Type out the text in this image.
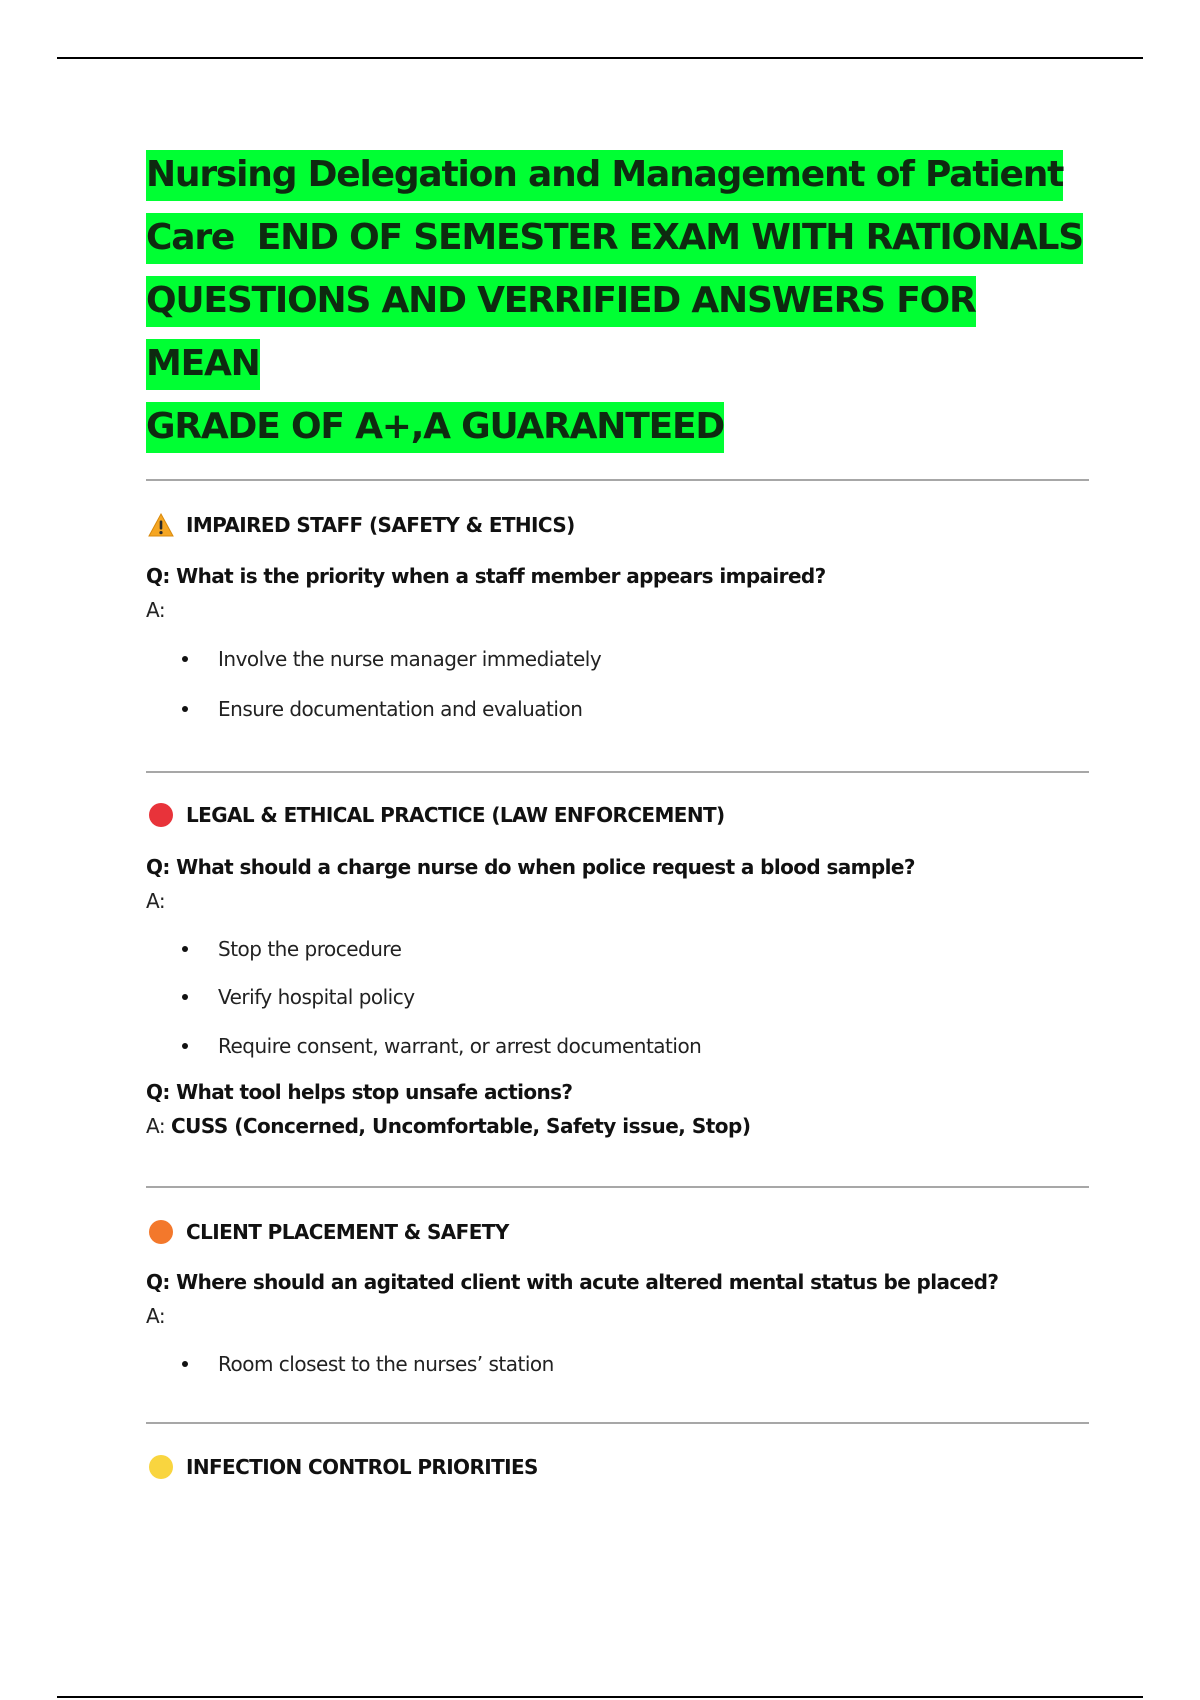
Nursing Delegation and Management of Patient
Care  END OF SEMESTER EXAM WITH RATIONALS
QUESTIONS AND VERRIFIED ANSWERS FOR MEAN
GRADE OF A+,A GUARANTEED
IMPAIRED STAFF (SAFETY & ETHICS)
Q: What is the priority when a staff member appears impaired?
A:
Involve the nurse manager immediately
Ensure documentation and evaluation
LEGAL & ETHICAL PRACTICE (LAW ENFORCEMENT)
Q: What should a charge nurse do when police request a blood sample?
A:
Stop the procedure
Verify hospital policy
Require consent, warrant, or arrest documentation
Q: What tool helps stop unsafe actions?
A: CUSS (Concerned, Uncomfortable, Safety issue, Stop)
CLIENT PLACEMENT & SAFETY
Q: Where should an agitated client with acute altered mental status be placed?
A:
Room closest to the nurses’ station
INFECTION CONTROL PRIORITIES
